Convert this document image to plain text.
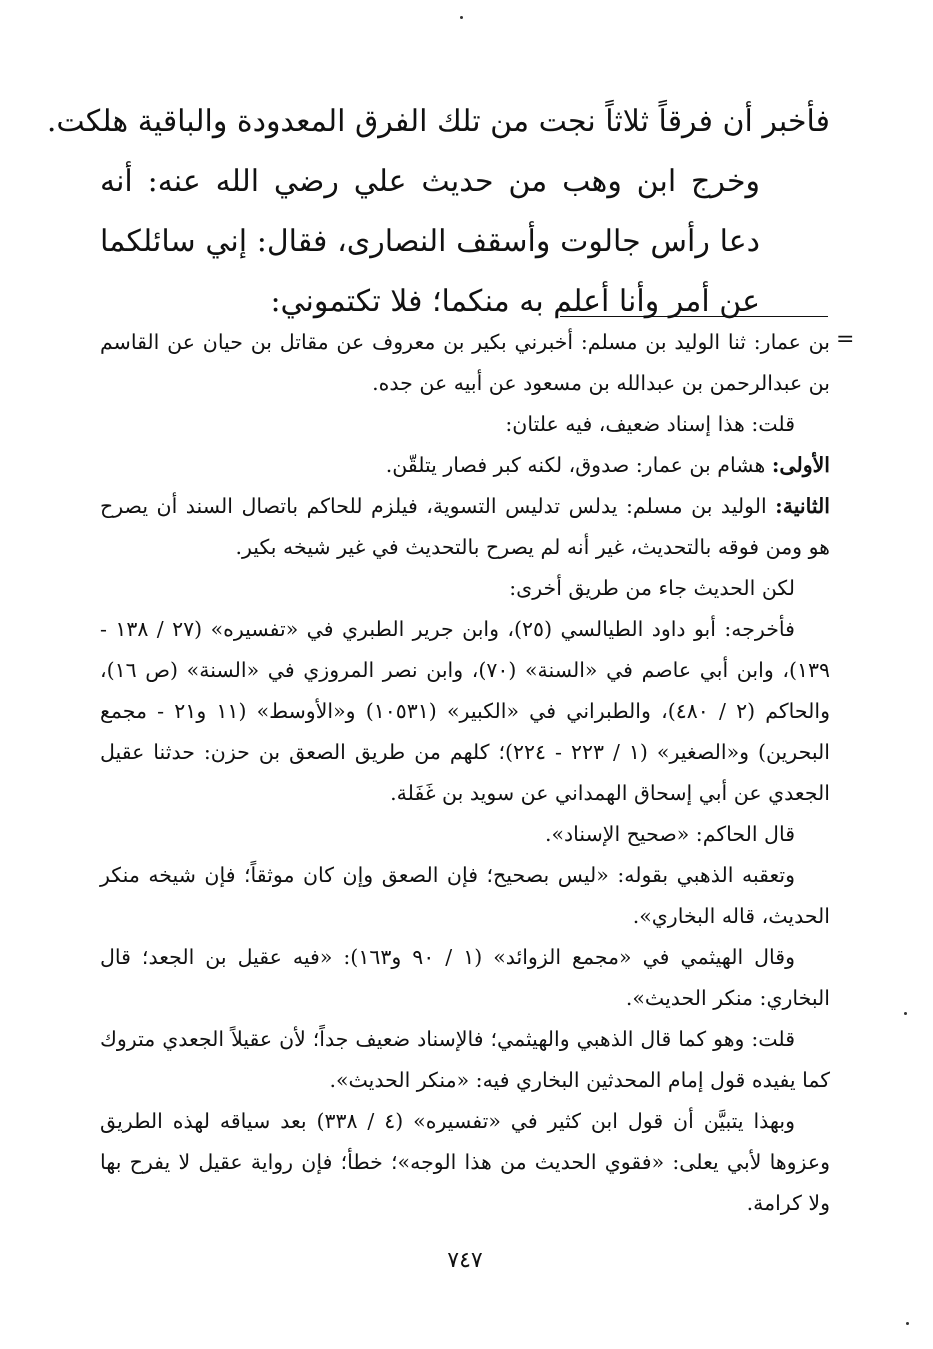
فأخبر أن فرقاً ثلاثاً نجت من تلك الفرق المعدودة والباقية هلكت.
وخرج ابن وهب من حديث علي رضي الله عنه: أنه دعا رأس جالوت وأسقف النصارى، فقال: إني سائلكما عن أمر وأنا أعلم به منكما؛ فلا تكتموني:
=
بن عمار: ثنا الوليد بن مسلم: أخبرني بكير بن معروف عن مقاتل بن حيان عن القاسم بن عبدالرحمن بن عبدالله بن مسعود عن أبيه عن جده.
قلت: هذا إسناد ضعيف، فيه علتان:
الأولى: هشام بن عمار: صدوق، لكنه كبر فصار يتلقّن.
الثانية: الوليد بن مسلم: يدلس تدليس التسوية، فيلزم للحاكم باتصال السند أن يصرح هو ومن فوقه بالتحديث، غير أنه لم يصرح بالتحديث في غير شيخه بكير.
لكن الحديث جاء من طريق أخرى:
فأخرجه: أبو داود الطيالسي (٢٥)، وابن جرير الطبري في «تفسيره» (٢٧ / ١٣٨ - ١٣٩)، وابن أبي عاصم في «السنة» (٧٠)، وابن نصر المروزي في «السنة» (ص ١٦)، والحاكم (٢ / ٤٨٠)، والطبراني في «الكبير» (١٠٥٣١) و«الأوسط» (١١ و٢١ - مجمع البحرين) و«الصغير» (١ / ٢٢٣ - ٢٢٤)؛ كلهم من طريق الصعق بن حزن: حدثنا عقيل الجعدي عن أبي إسحاق الهمداني عن سويد بن غَفَلة.
قال الحاكم: «صحيح الإسناد».
وتعقبه الذهبي بقوله: «ليس بصحيح؛ فإن الصعق وإن كان موثقاً؛ فإن شيخه منكر الحديث، قاله البخاري».
وقال الهيثمي في «مجمع الزوائد» (١ / ٩٠ و١٦٣): «فيه عقيل بن الجعد؛ قال البخاري: منكر الحديث».
قلت: وهو كما قال الذهبي والهيثمي؛ فالإسناد ضعيف جداً؛ لأن عقيلاً الجعدي متروك كما يفيده قول إمام المحدثين البخاري فيه: «منكر الحديث».
وبهذا يتبيَّن أن قول ابن كثير في «تفسيره» (٤ / ٣٣٨) بعد سياقه لهذه الطريق وعزوها لأبي يعلى: «فقوي الحديث من هذا الوجه»؛ خطأ؛ فإن رواية عقيل لا يفرح بها ولا كرامة.
٧٤٧
